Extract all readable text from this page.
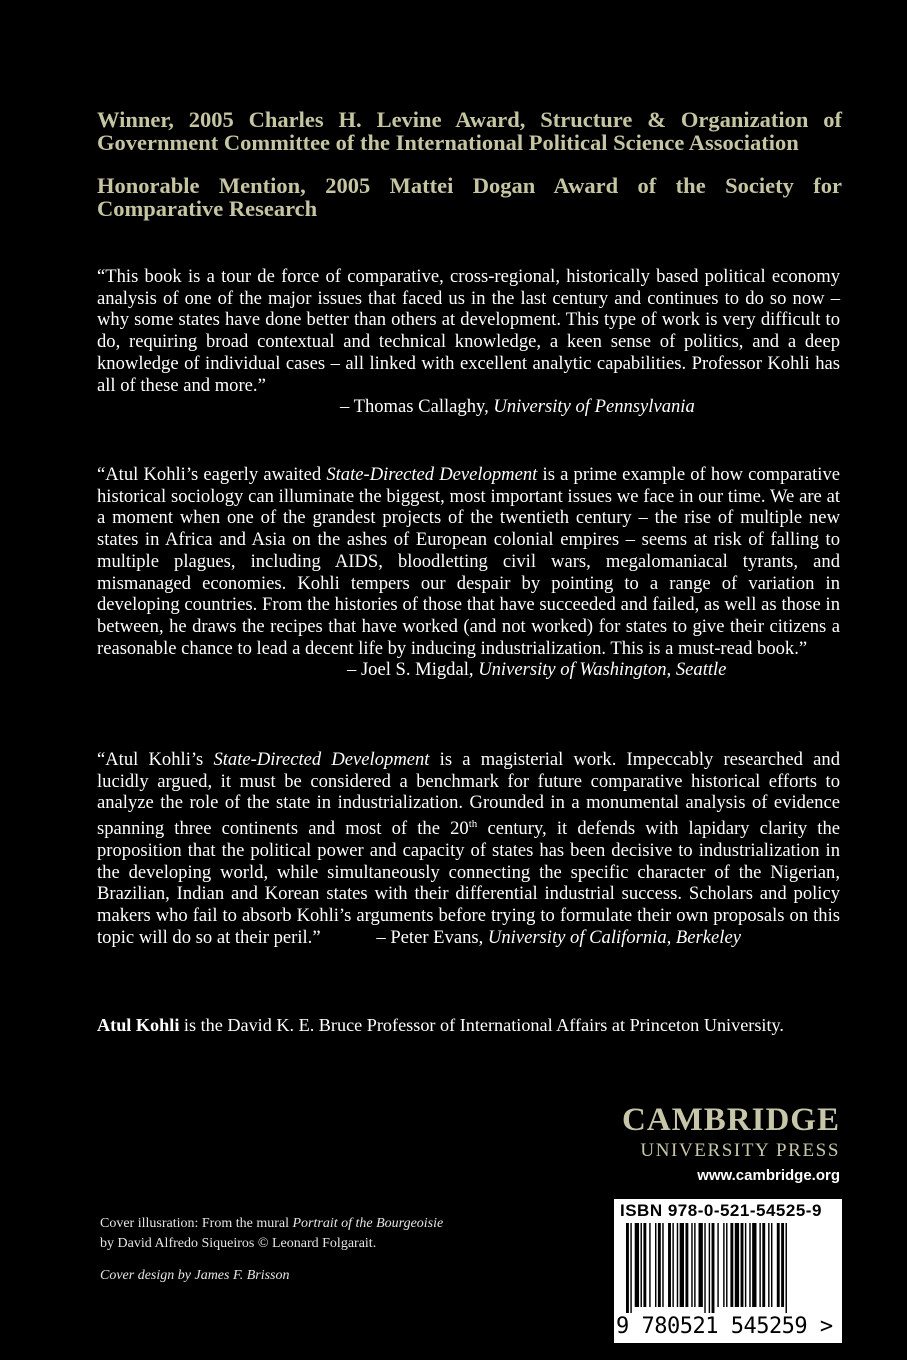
Winner, 2005 Charles H. Levine Award, Structure & Organization of Government Committee of the International Political Science Association

Honorable Mention, 2005 Mattei Dogan Award of the Society for Comparative Research

“This book is a tour de force of comparative, cross-regional, historically based political economy analysis of one of the major issues that faced us in the last century and continues to do so now – why some states have done better than others at development. This type of work is very difficult to do, requiring broad contextual and technical knowledge, a keen sense of politics, and a deep knowledge of individual cases – all linked with excellent analytic capabilities. Professor Kohli has all of these and more.”
– Thomas Callaghy, University of Pennsylvania
“Atul Kohli’s eagerly awaited State-Directed Development is a prime example of how comparative historical sociology can illuminate the biggest, most important issues we face in our time. We are at a moment when one of the grandest projects of the twentieth century – the rise of multiple new states in Africa and Asia on the ashes of European colonial empires – seems at risk of falling to multiple plagues, including AIDS, bloodletting civil wars, megalomaniacal tyrants, and mismanaged economies. Kohli tempers our despair by pointing to a range of variation in developing countries. From the histories of those that have succeeded and failed, as well as those in between, he draws the recipes that have worked (and not worked) for states to give their citizens a reasonable chance to lead a decent life by inducing industrialization. This is a must-read book.”
– Joel S. Migdal, University of Washington, Seattle
“Atul Kohli’s State-Directed Development is a magisterial work. Impeccably researched and lucidly argued, it must be considered a benchmark for future comparative historical efforts to analyze the role of the state in industrialization. Grounded in a monumental analysis of evidence spanning three continents and most of the 20th century, it defends with lapidary clarity the proposition that the political power and capacity of states has been decisive to industrialization in the developing world, while simultaneously connecting the specific character of the Nigerian, Brazilian, Indian and Korean states with their differential industrial success. Scholars and policy makers who fail to absorb Kohli’s arguments before trying to formulate their own proposals on this topic will do so at their peril.”	– Peter Evans, University of California, Berkeley
Atul Kohli is the David K. E. Bruce Professor of International Affairs at Princeton University.
CAMBRIDGE
UNIVERSITY PRESS
www.cambridge.org
Cover illusration: From the mural Portrait of the Bourgeoisie
by David Alfredo Siqueiros © Leonard Folgarait.
Cover design by James F. Brisson
ISBN 978-0-521-54525-9
9 780521 545259 >
